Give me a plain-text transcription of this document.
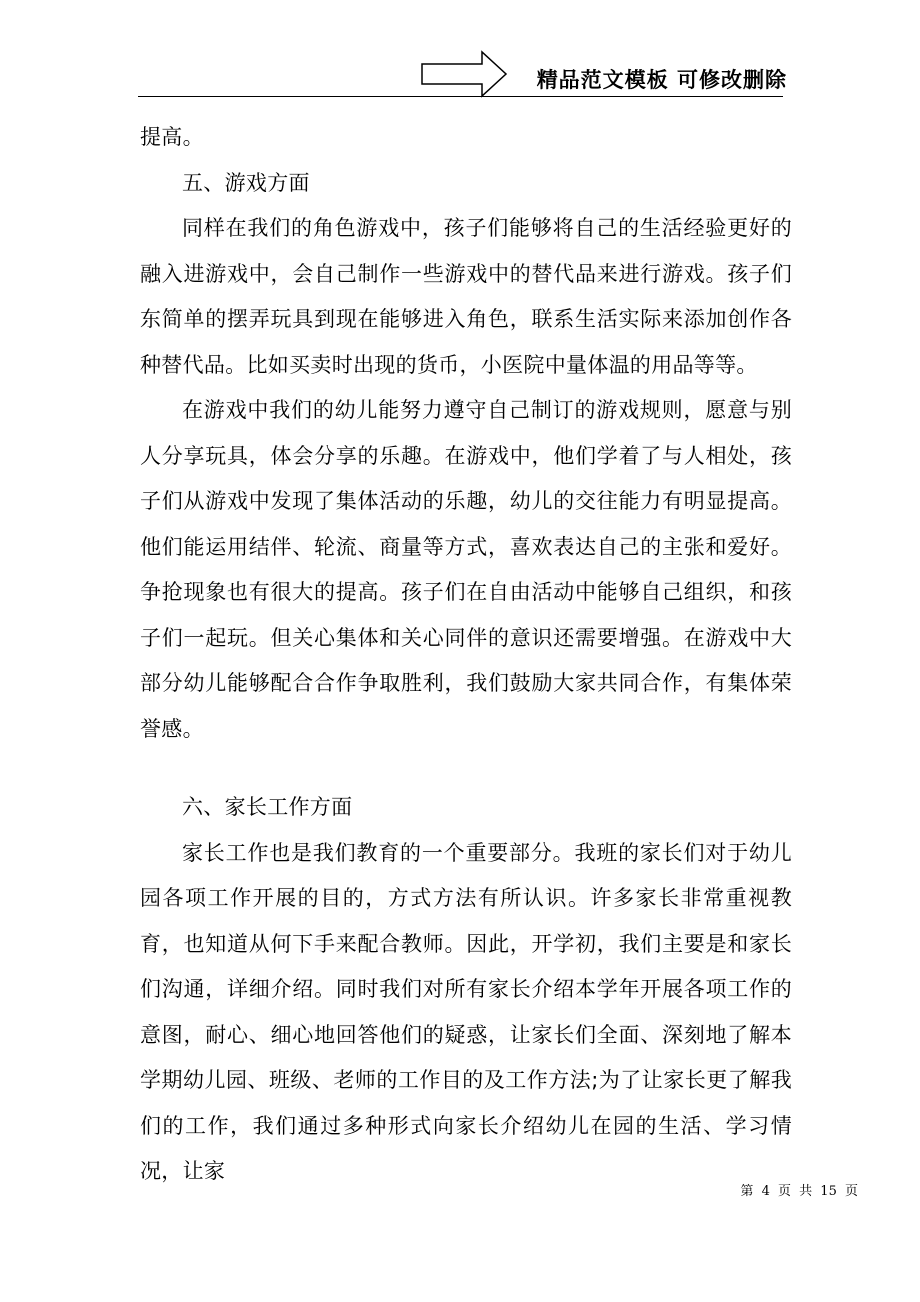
精品范文模板 可修改删除

提高。

五、游戏方面

同样在我们的角色游戏中，孩子们能够将自己的生活经验更好的融入进游戏中，会自己制作一些游戏中的替代品来进行游戏。孩子们东简单的摆弄玩具到现在能够进入角色，联系生活实际来添加创作各种替代品。比如买卖时出现的货币，小医院中量体温的用品等等。

在游戏中我们的幼儿能努力遵守自己制订的游戏规则，愿意与别人分享玩具，体会分享的乐趣。在游戏中，他们学着了与人相处，孩子们从游戏中发现了集体活动的乐趣，幼儿的交往能力有明显提高。他们能运用结伴、轮流、商量等方式，喜欢表达自己的主张和爱好。争抢现象也有很大的提高。孩子们在自由活动中能够自己组织，和孩子们一起玩。但关心集体和关心同伴的意识还需要增强。在游戏中大部分幼儿能够配合合作争取胜利，我们鼓励大家共同合作，有集体荣誉感。

六、家长工作方面

家长工作也是我们教育的一个重要部分。我班的家长们对于幼儿园各项工作开展的目的，方式方法有所认识。许多家长非常重视教育，也知道从何下手来配合教师。因此，开学初，我们主要是和家长们沟通，详细介绍。同时我们对所有家长介绍本学年开展各项工作的意图，耐心、细心地回答他们的疑惑，让家长们全面、深刻地了解本学期幼儿园、班级、老师的工作目的及工作方法;为了让家长更了解我们的工作，我们通过多种形式向家长介绍幼儿在园的生活、学习情况，让家

第 4 页 共 15 页
